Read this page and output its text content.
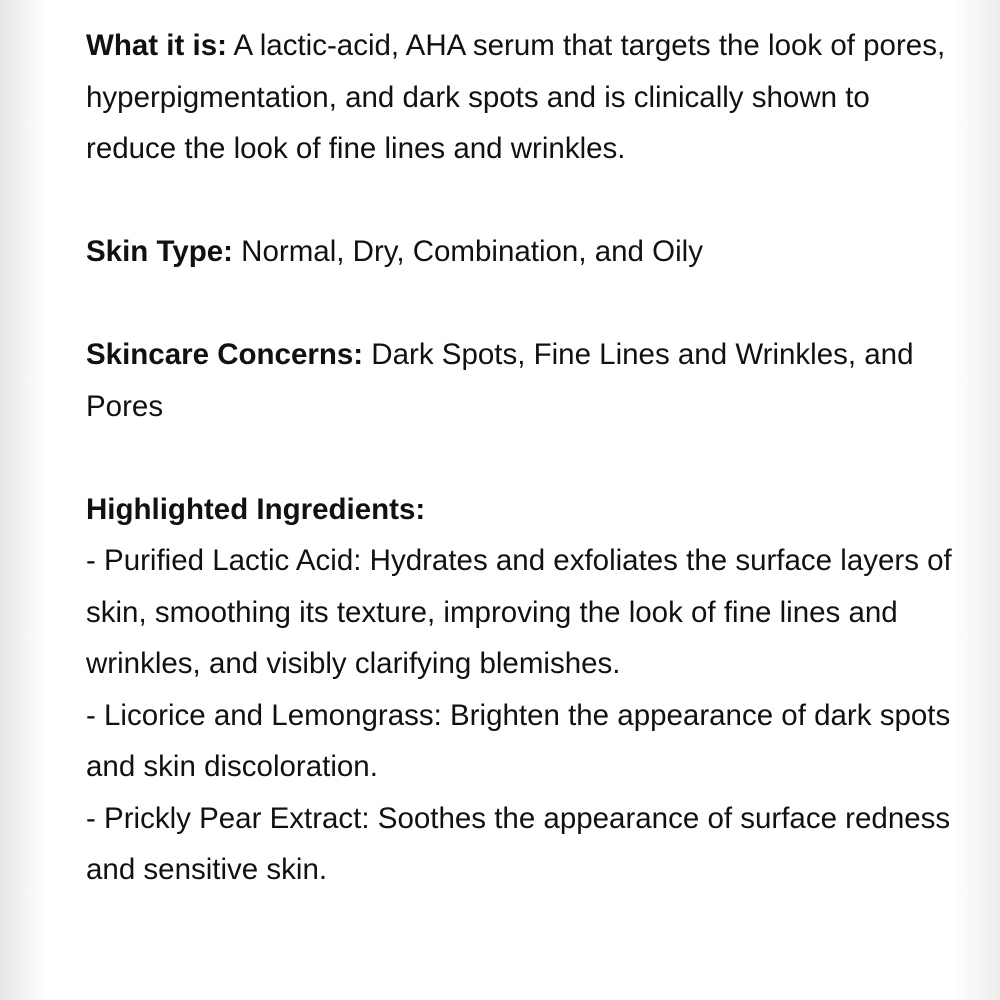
What it is: A lactic-acid, AHA serum that targets the look of pores, hyperpigmentation, and dark spots and is clinically shown to reduce the look of fine lines and wrinkles.

Skin Type: Normal, Dry, Combination, and Oily

Skincare Concerns: Dark Spots, Fine Lines and Wrinkles, and Pores

Highlighted Ingredients:

- Purified Lactic Acid: Hydrates and exfoliates the surface layers of skin, smoothing its texture, improving the look of fine lines and wrinkles, and visibly clarifying blemishes.

- Licorice and Lemongrass: Brighten the appearance of dark spots and skin discoloration.

- Prickly Pear Extract: Soothes the appearance of surface redness and sensitive skin.
